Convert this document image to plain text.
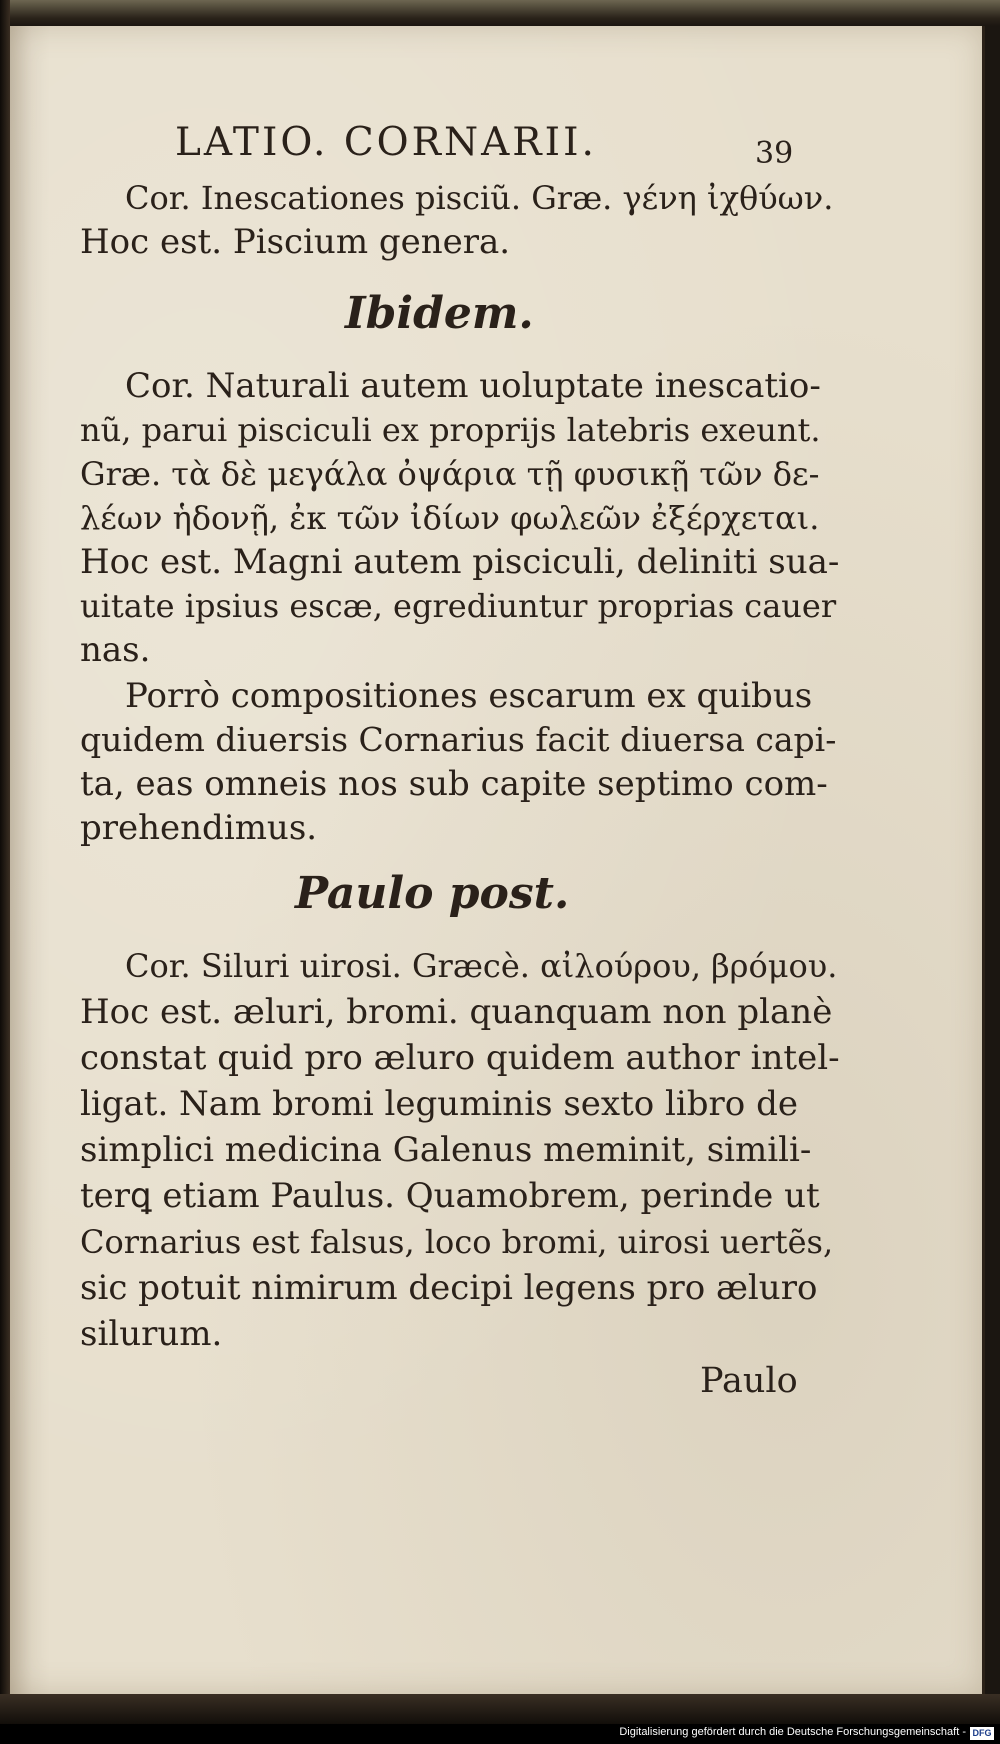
LATIO. CORNARII.	39
Cor. Inescationes pisciũ. Græ. γένη ἰχθύων.
Hoc est. Piscium genera.
Ibidem.
Cor. Naturali autem uoluptate inescatio-
nũ, parui pisciculi ex proprijs latebris exeunt.
Græ. τὰ δὲ μεγάλα ὀψάρια τῇ φυσικῇ τῶν δε-
λέων ἡδονῇ, ἐκ τῶν ἰδίων φωλεῶν ἐξέρχεται.
Hoc est. Magni autem pisciculi, deliniti sua-
uitate ipsius escæ, egrediuntur proprias cauer
nas.
Porrò compositiones escarum ex quibus
quidem diuersis Cornarius facit diuersa capi-
ta, eas omneis nos sub capite septimo com-
prehendimus.
Paulo post.
Cor. Siluri uirosi. Græcè. αἰλούρου, βρόμου.
Hoc est. æluri, bromi. quanquam non planè
constat quid pro æluro quidem author intel-
ligat. Nam bromi leguminis sexto libro de
simplici medicina Galenus meminit, simili-
terꝗ etiam Paulus. Quamobrem, perinde ut
Cornarius est falsus, loco bromi, uirosi uertẽs,
sic potuit nimirum decipi legens pro æluro
silurum.
Paulo
Digitalisierung gefördert durch die Deutsche Forschungsgemeinschaft - DFG
